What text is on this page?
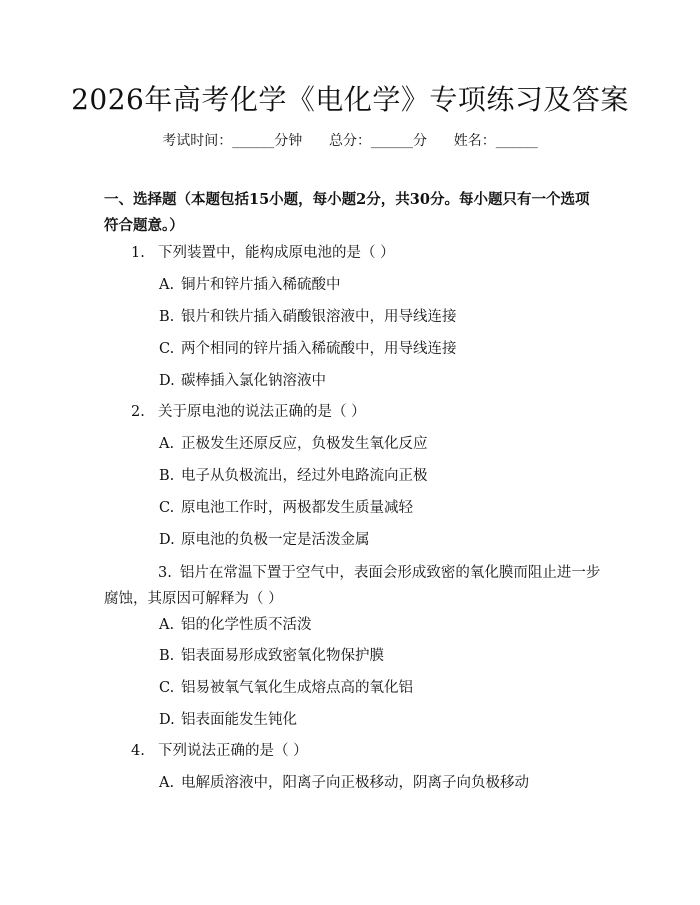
2026年高考化学《电化学》专项练习及答案
考试时间：______分钟      总分：______分      姓名：______
一、选择题（本题包括15小题，每小题2分，共30分。每小题只有一个选项符合题意。）
1. 下列装置中，能构成原电池的是（ ）
A. 铜片和锌片插入稀硫酸中
B. 银片和铁片插入硝酸银溶液中，用导线连接
C. 两个相同的锌片插入稀硫酸中，用导线连接
D. 碳棒插入氯化钠溶液中
2. 关于原电池的说法正确的是（ ）
A. 正极发生还原反应，负极发生氧化反应
B. 电子从负极流出，经过外电路流向正极
C. 原电池工作时，两极都发生质量减轻
D. 原电池的负极一定是活泼金属
3. 铝片在常温下置于空气中，表面会形成致密的氧化膜而阻止进一步腐蚀，其原因可解释为（ ）
A. 铝的化学性质不活泼
B. 铝表面易形成致密氧化物保护膜
C. 铝易被氧气氧化生成熔点高的氧化铝
D. 铝表面能发生钝化
4. 下列说法正确的是（ ）
A. 电解质溶液中，阳离子向正极移动，阴离子向负极移动
